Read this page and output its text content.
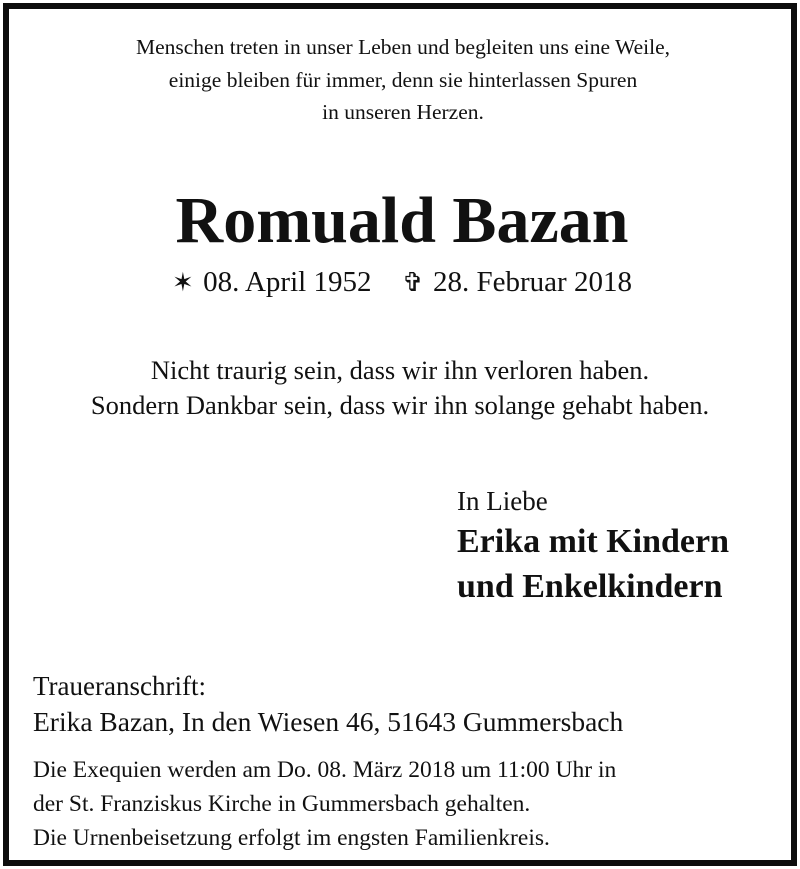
Menschen treten in unser Leben und begleiten uns eine Weile,
einige bleiben für immer, denn sie hinterlassen Spuren
in unseren Herzen.
Romuald Bazan
✶ 08. April 1952 ✞ 28. Februar 2018
Nicht traurig sein, dass wir ihn verloren haben.
Sondern Dankbar sein, dass wir ihn solange gehabt haben.
In Liebe
Erika mit Kindern
und Enkelkindern
Traueranschrift:
Erika Bazan, In den Wiesen 46, 51643 Gummersbach
Die Exequien werden am Do. 08. März 2018 um 11:00 Uhr in
der St. Franziskus Kirche in Gummersbach gehalten.
Die Urnenbeisetzung erfolgt im engsten Familienkreis.
